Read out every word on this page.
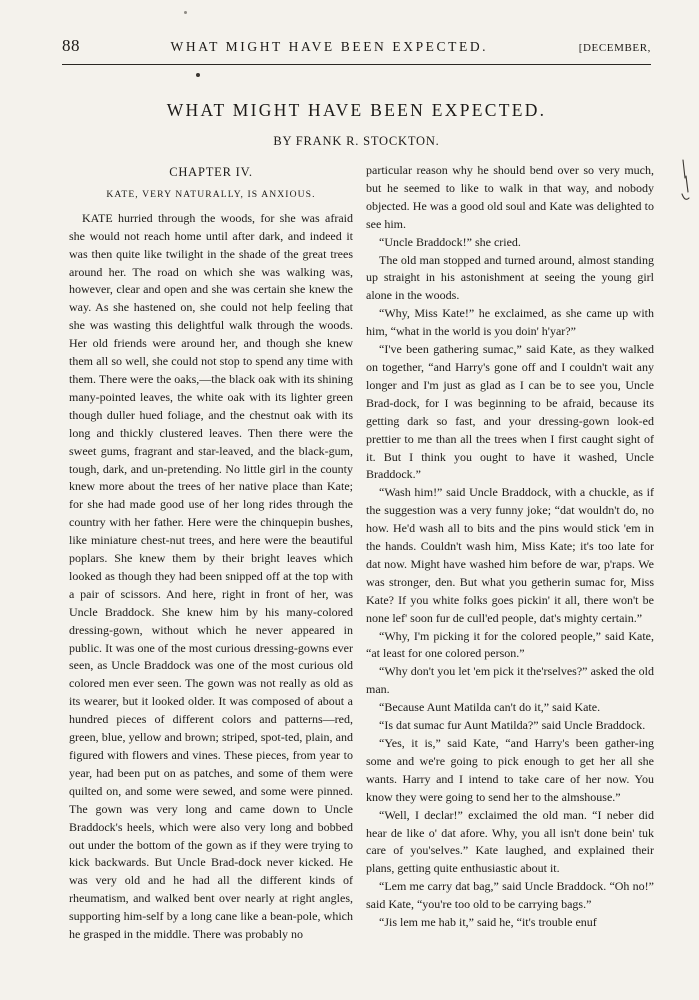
88	WHAT MIGHT HAVE BEEN EXPECTED.	[DECEMBER,
WHAT MIGHT HAVE BEEN EXPECTED.
BY FRANK R. STOCKTON.
CHAPTER IV.
KATE, VERY NATURALLY, IS ANXIOUS.

KATE hurried through the woods, for she was afraid she would not reach home until after dark, and indeed it was then quite like twilight in the shade of the great trees around her. The road on which she was walking was, however, clear and open and she was certain she knew the way. As she hastened on, she could not help feeling that she was wasting this delightful walk through the woods. Her old friends were around her, and though she knew them all so well, she could not stop to spend any time with them. There were the oaks,—the black oak with its shining many-pointed leaves, the white oak with its lighter green though duller hued foliage, and the chestnut oak with its long and thickly clustered leaves. Then there were the sweet gums, fragrant and star-leaved, and the black-gum, tough, dark, and un-pretending. No little girl in the county knew more about the trees of her native place than Kate; for she had made good use of her long rides through the country with her father. Here were the chinquepin bushes, like miniature chest-nut trees, and here were the beautiful poplars. She knew them by their bright leaves which looked as though they had been snipped off at the top with a pair of scissors. And here, right in front of her, was Uncle Braddock. She knew him by his many-colored dressing-gown, without which he never appeared in public. It was one of the most curious dressing-gowns ever seen, as Uncle Braddock was one of the most curious old colored men ever seen. The gown was not really as old as its wearer, but it looked older. It was composed of about a hundred pieces of different colors and patterns—red, green, blue, yellow and brown; striped, spot-ted, plain, and figured with flowers and vines. These pieces, from year to year, had been put on as patches, and some of them were quilted on, and some were sewed, and some were pinned. The gown was very long and came down to Uncle Braddock's heels, which were also very long and bobbed out under the bottom of the gown as if they were trying to kick backwards. But Uncle Brad-dock never kicked. He was very old and he had all the different kinds of rheumatism, and walked bent over nearly at right angles, supporting him-self by a long cane like a bean-pole, which he grasped in the middle. There was probably no

particular reason why he should bend over so very much, but he seemed to like to walk in that way, and nobody objected. He was a good old soul and Kate was delighted to see him.

“Uncle Braddock!” she cried.

The old man stopped and turned around, almost standing up straight in his astonishment at seeing the young girl alone in the woods.

“Why, Miss Kate!” he exclaimed, as she came up with him, “what in the world is you doin' h'yar?”

“I've been gathering sumac,” said Kate, as they walked on together, “and Harry's gone off and I couldn't wait any longer and I'm just as glad as I can be to see you, Uncle Brad-dock, for I was beginning to be afraid, because its getting dark so fast, and your dressing-gown look-ed prettier to me than all the trees when I first caught sight of it. But I think you ought to have it washed, Uncle Braddock.”

“Wash him!” said Uncle Braddock, with a chuckle, as if the suggestion was a very funny joke; “dat wouldn't do, no how. He'd wash all to bits and the pins would stick 'em in the hands. Couldn't wash him, Miss Kate; it's too late for dat now. Might have washed him before de war, p'raps. We was stronger, den. But what you getherin sumac for, Miss Kate? If you white folks goes pickin' it all, there won't be none lef' soon fur de cull'ed people, dat's mighty certain.”

“Why, I'm picking it for the colored people,” said Kate, “at least for one colored person.”

“Why don't you let 'em pick it the'rselves?” asked the old man.

“Because Aunt Matilda can't do it,” said Kate.

“Is dat sumac fur Aunt Matilda?” said Uncle Braddock.

“Yes, it is,” said Kate, “and Harry's been gather-ing some and we're going to pick enough to get her all she wants. Harry and I intend to take care of her now. You know they were going to send her to the almshouse.”

“Well, I declar!” exclaimed the old man. “I neber did hear de like o' dat afore. Why, you all isn't done bein' tuk care of you'selves.” Kate laughed, and explained their plans, getting quite enthusiastic about it.

“Lem me carry dat bag,” said Uncle Braddock. “Oh no!” said Kate, “you're too old to be carrying bags.”

“Jis lem me hab it,” said he, “it's trouble enuf
